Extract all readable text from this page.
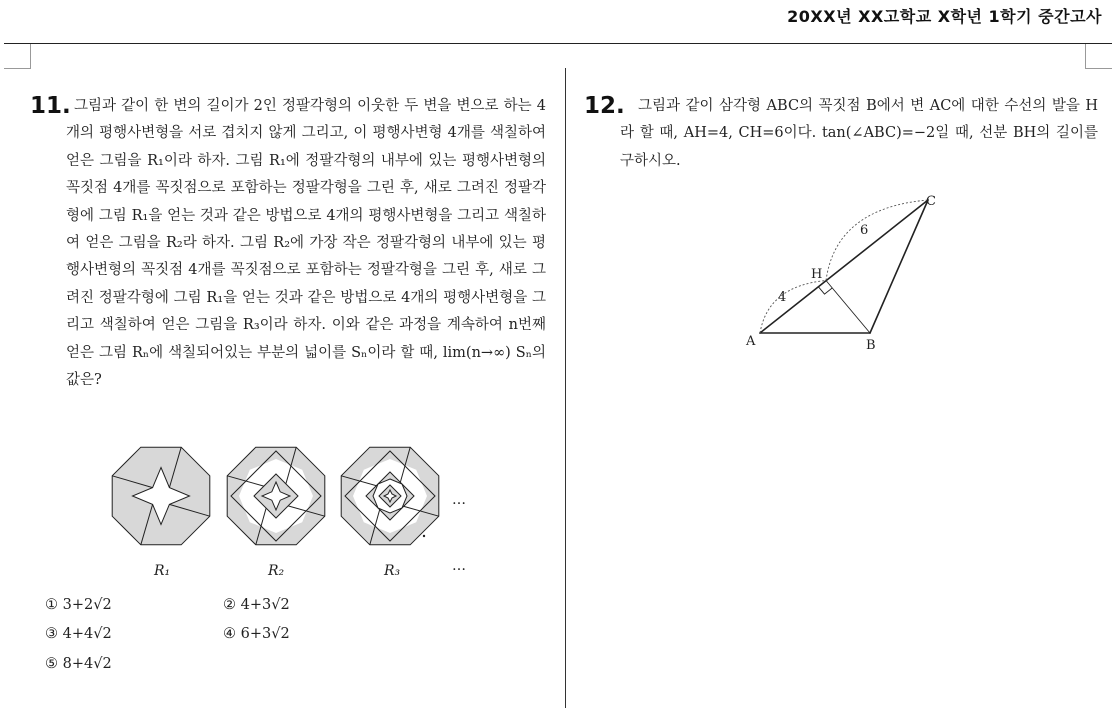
20XX년 XX고학교 X학년 1학기 중간고사
11. 그림과 같이 한 변의 길이가 2인 정팔각형의 이웃한 두 변을 변으로 하는 4개의 평행사변형을 서로 겹치지 않게 그리고, 이 평행사변형 4개를 색칠하여 얻은 그림을 R₁이라 하자. 그림 R₁에 정팔각형의 내부에 있는 평행사변형의 꼭짓점 4개를 꼭짓점으로 포함하는 정팔각형을 그린 후, 새로 그려진 정팔각형에 그림 R₁을 얻는 것과 같은 방법으로 4개의 평행사변형을 그리고 색칠하여 얻은 그림을 R₂라 하자. 그림 R₂에 가장 작은 정팔각형의 내부에 있는 평행사변형의 꼭짓점 4개를 꼭짓점으로 포함하는 정팔각형을 그린 후, 새로 그려진 정팔각형에 그림 R₁을 얻는 것과 같은 방법으로 4개의 평행사변형을 그리고 색칠하여 얻은 그림을 R₃이라 하자. 이와 같은 과정을 계속하여 n번째 얻은 그림 Rₙ에 색칠되어있는 부분의 넓이를 Sₙ이라 할 때, lim(n→∞) Sₙ의 값은?
…
R₁	R₂	R₃	…
① 3+2√2	② 4+3√2
③ 4+4√2	④ 6+3√2
⑤ 8+4√2
12. 그림과 같이 삼각형 ABC의 꼭짓점 B에서 변 AC에 대한 수선의 발을 H라 할 때, AH=4, CH=6이다. tan(∠ABC)=−2일 때, 선분 BH의 길이를 구하시오.
A	B
C
H
4
6
